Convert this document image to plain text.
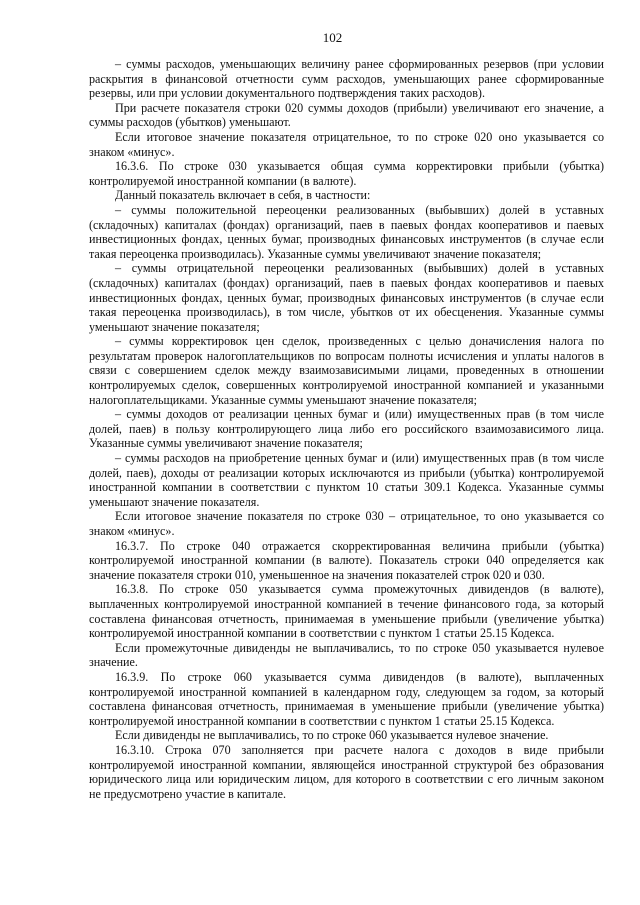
102

– суммы расходов, уменьшающих величину ранее сформированных резервов (при условии раскрытия в финансовой отчетности сумм расходов, уменьшающих ранее сформированные резервы, или при условии документального подтверждения таких расходов).

При расчете показателя строки 020 суммы доходов (прибыли) увеличивают его значение, а суммы расходов (убытков) уменьшают.

Если итоговое значение показателя отрицательное, то по строке 020 оно указывается со знаком «минус».

16.3.6. По строке 030 указывается общая сумма корректировки прибыли (убытка) контролируемой иностранной компании (в валюте).

Данный показатель включает в себя, в частности:

– суммы положительной переоценки реализованных (выбывших) долей в уставных (складочных) капиталах (фондах) организаций, паев в паевых фондах кооперативов и паевых инвестиционных фондах, ценных бумаг, производных финансовых инструментов (в случае если такая переоценка производилась). Указанные суммы увеличивают значение показателя;

– суммы отрицательной переоценки реализованных (выбывших) долей в уставных (складочных) капиталах (фондах) организаций, паев в паевых фондах кооперативов и паевых инвестиционных фондах, ценных бумаг, производных финансовых инструментов (в случае если такая переоценка производилась), в том числе, убытков от их обесценения. Указанные суммы уменьшают значение показателя;

– суммы корректировок цен сделок, произведенных с целью доначисления налога по результатам проверок налогоплательщиков по вопросам полноты исчисления и уплаты налогов в связи с совершением сделок между взаимозависимыми лицами, проведенных в отношении контролируемых сделок, совершенных контролируемой иностранной компанией и указанными налогоплательщиками. Указанные суммы уменьшают значение показателя;

– суммы доходов от реализации ценных бумаг и (или) имущественных прав (в том числе долей, паев) в пользу контролирующего лица либо его российского взаимозависимого лица. Указанные суммы увеличивают значение показателя;

– суммы расходов на приобретение ценных бумаг и (или) имущественных прав (в том числе долей, паев), доходы от реализации которых исключаются из прибыли (убытка) контролируемой иностранной компании в соответствии с пунктом 10 статьи 309.1 Кодекса. Указанные суммы уменьшают значение показателя.

Если итоговое значение показателя по строке 030 – отрицательное, то оно указывается со знаком «минус».

16.3.7. По строке 040 отражается скорректированная величина прибыли (убытка) контролируемой иностранной компании (в валюте). Показатель строки 040 определяется как значение показателя строки 010, уменьшенное на значения показателей строк 020 и 030.

16.3.8. По строке 050 указывается сумма промежуточных дивидендов (в валюте), выплаченных контролируемой иностранной компанией в течение финансового года, за который составлена финансовая отчетность, принимаемая в уменьшение прибыли (увеличение убытка) контролируемой иностранной компании в соответствии с пунктом 1 статьи 25.15 Кодекса.

Если промежуточные дивиденды не выплачивались, то по строке 050 указывается нулевое значение.

16.3.9. По строке 060 указывается сумма дивидендов (в валюте), выплаченных контролируемой иностранной компанией в календарном году, следующем за годом, за который составлена финансовая отчетность, принимаемая в уменьшение прибыли (увеличение убытка) контролируемой иностранной компании в соответствии с пунктом 1 статьи 25.15 Кодекса.

Если дивиденды не выплачивались, то по строке 060 указывается нулевое значение.

16.3.10. Строка 070 заполняется при расчете налога с доходов в виде прибыли контролируемой иностранной компании, являющейся иностранной структурой без образования юридического лица или юридическим лицом, для которого в соответствии с его личным законом не предусмотрено участие в капитале.
